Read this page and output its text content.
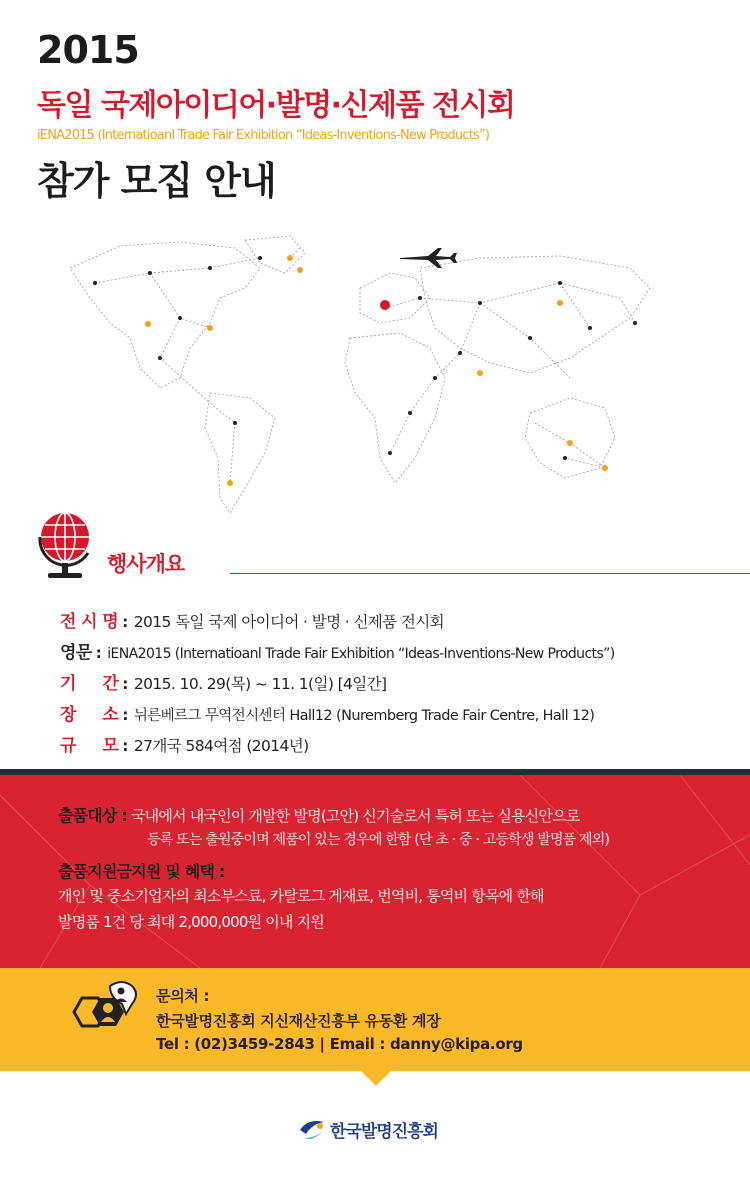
2015
독일 국제아이디어·발명·신제품 전시회
iENA2015 (Internatioanl Trade Fair Exhibition “Ideas-Inventions-New Products”)
참가 모집 안내
행사개요
전 시 명 : 2015 독일 국제 아이디어 · 발명 · 신제품 전시회
영문 : iENA2015 (Internatioanl Trade Fair Exhibition “Ideas-Inventions-New Products”)
기     간 : 2015. 10. 29(목) ~ 11. 1(일) [4일간]
장     소 : 뉘른베르그 무역전시센터 Hall12 (Nuremberg Trade Fair Centre, Hall 12)
규     모 : 27개국 584여점 (2014년)
출품대상 : 국내에서 내국인이 개발한 발명(고안) 신기술로서 특허 또는 실용신안으로
등록 또는 출원중이며 제품이 있는 경우에 한함 (단 초 · 중 · 고등학생 발명품 제외)
출품지원금지원 및 혜택 :
개인 및 중소기업자의 최소부스료, 카탈로그 게재료, 번역비, 통역비 항목에 한해
발명품 1건 당 최대 2,000,000원 이내 지원
문의처 :
한국발명진흥회 지신재산진흥부 유동환 계장
Tel : (02)3459-2843 | Email : danny@kipa.org
한국발명진흥회
